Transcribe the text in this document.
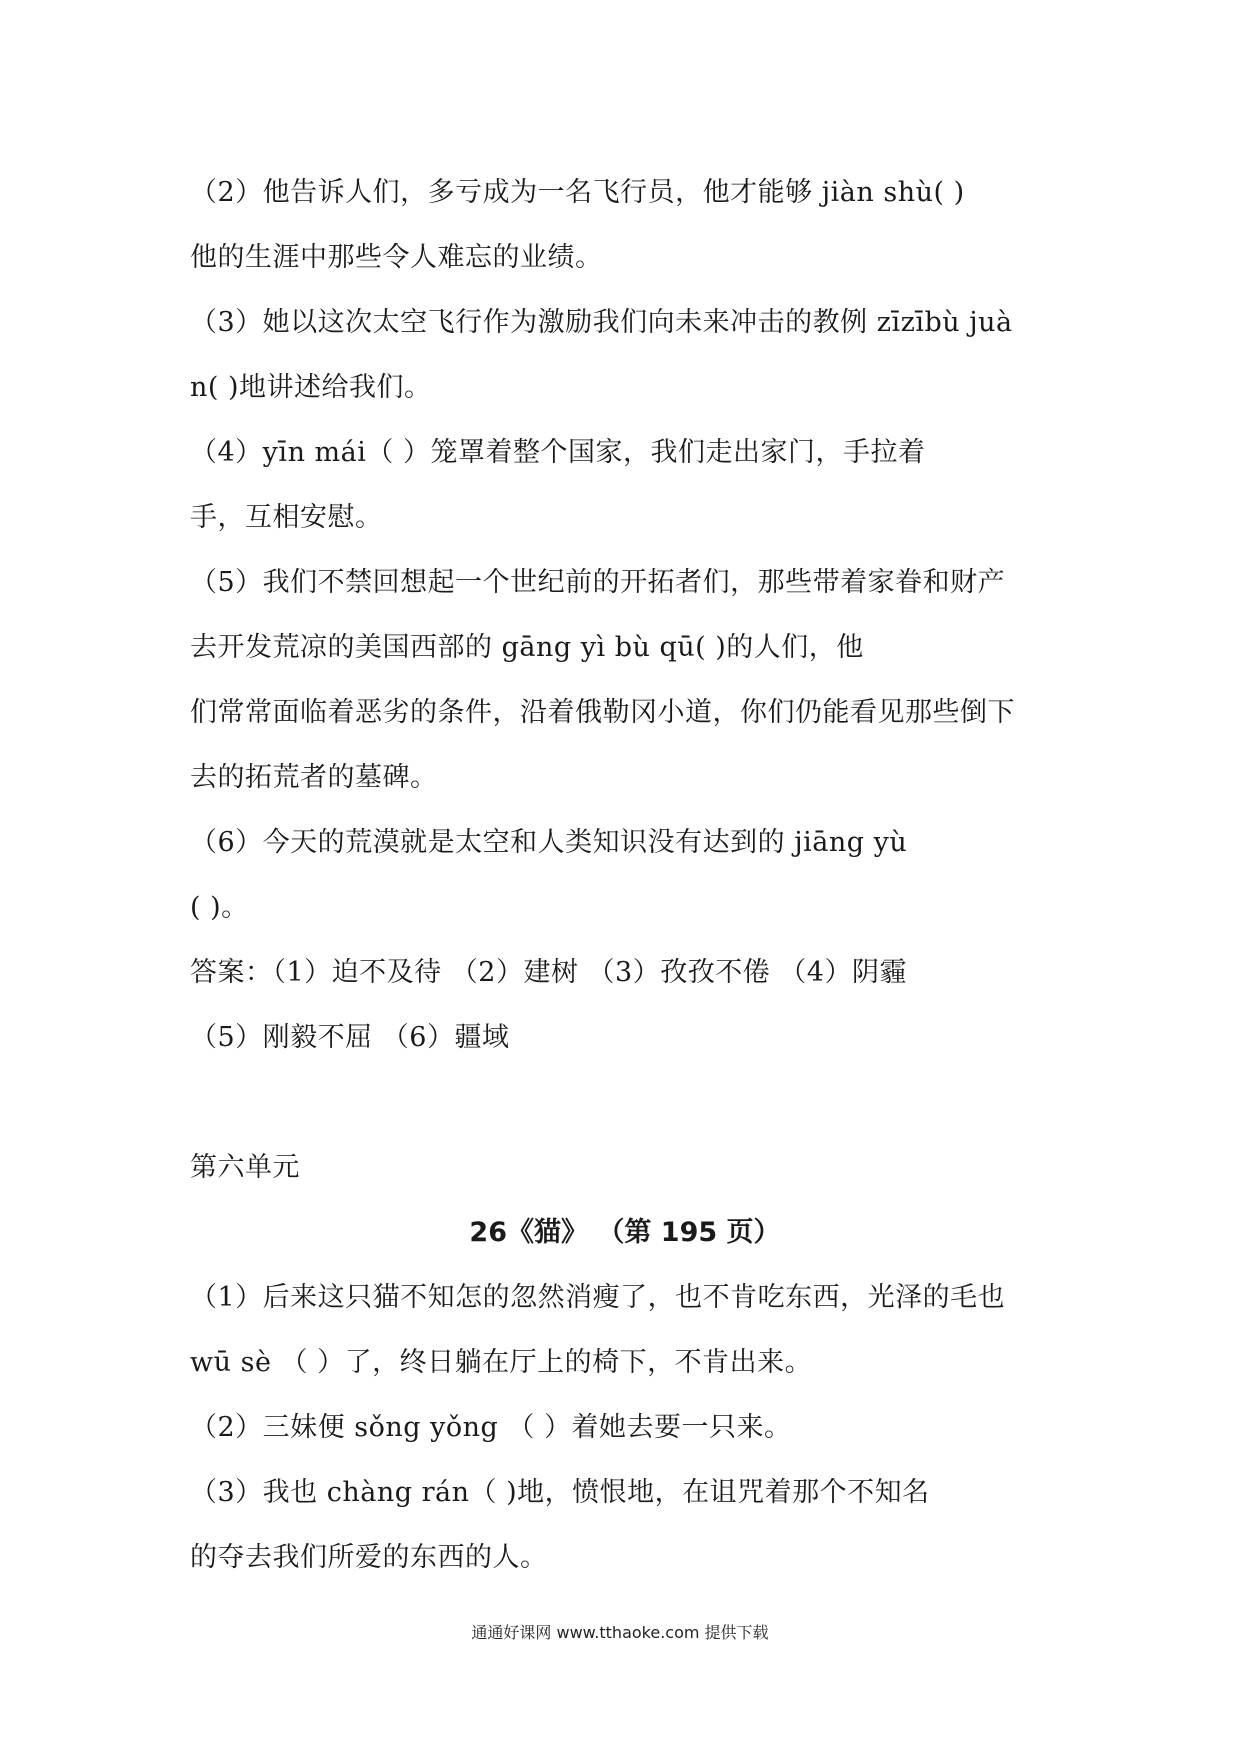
（2）他告诉人们，多亏成为一名飞行员，他才能够 jiàn shù( )
他的生涯中那些令人难忘的业绩。
（3）她以这次太空飞行作为激励我们向未来冲击的教例 zīzībù juà
n( )地讲述给我们。
（4）yīn mái（ ）笼罩着整个国家，我们走出家门，手拉着
手，互相安慰。
（5）我们不禁回想起一个世纪前的开拓者们，那些带着家眷和财产
去开发荒凉的美国西部的 gāng yì bù qū( )的人们，他
们常常面临着恶劣的条件，沿着俄勒冈小道，你们仍能看见那些倒下
去的拓荒者的墓碑。
（6）今天的荒漠就是太空和人类知识没有达到的 jiāng yù
( )。
答案：（1）迫不及待 （2）建树 （3）孜孜不倦 （4）阴霾
（5）刚毅不屈 （6）疆域
第六单元
26《猫》 （第 195 页）
（1）后来这只猫不知怎的忽然消瘦了，也不肯吃东西，光泽的毛也
wū sè （ ）了，终日躺在厅上的椅下，不肯出来。
（2）三妹便 sǒng yǒng （ ）着她去要一只来。
（3）我也 chàng rán（ )地，愤恨地，在诅咒着那个不知名
的夺去我们所爱的东西的人。
通通好课网 www.tthaoke.com 提供下载
